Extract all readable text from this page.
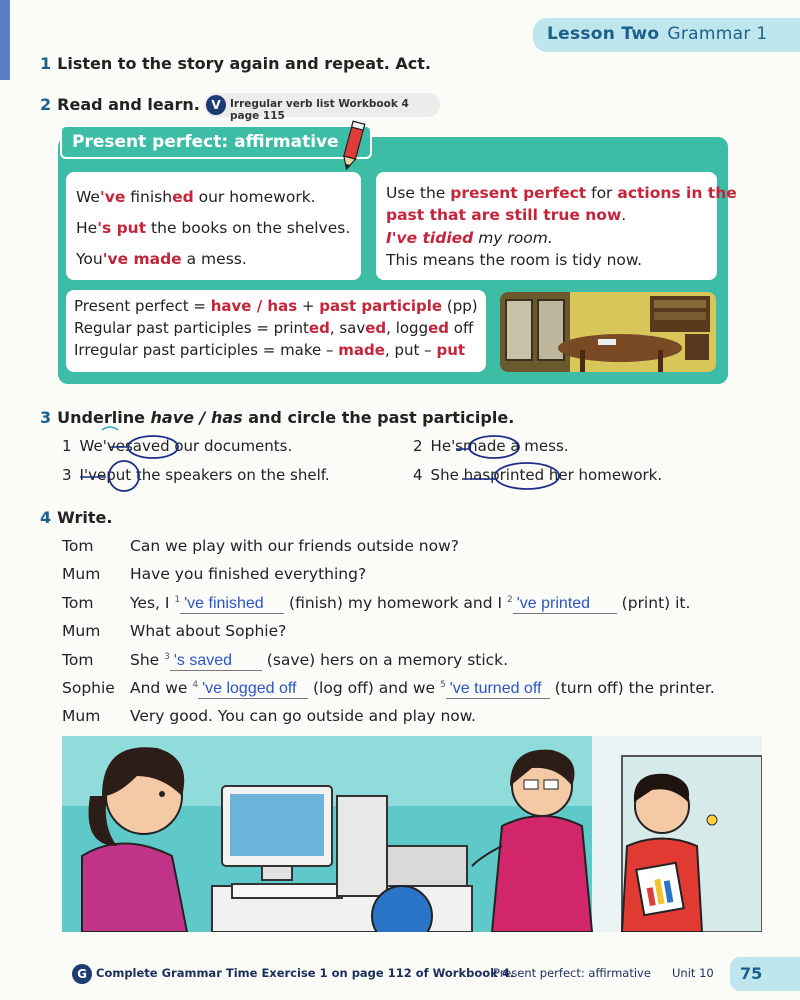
Lesson Two Grammar 1
1 Listen to the story again and repeat. Act.
2 Read and learn. V Irregular verb list Workbook 4 page 115
Present perfect: affirmative
We've finished our homework.
He's put the books on the shelves.
You've made a mess.
Use the present perfect for actions in the
past that are still true now.
I've tidied my room.
This means the room is tidy now.
Present perfect = have / has + past participle (pp)
Regular past participles = printed, saved, logged off
Irregular past participles = make – made, put – put
3 Underline have / has and circle the past participle.
1 We'vesaved our documents.	2 He'smade a mess.
3 I'veput the speakers on the shelf.	4 She hasprinted her homework.
4 Write.
Tom Can we play with our friends outside now?
Mum Have you finished everything?
Tom Yes, I $^1$ 've finished (finish) my homework and I $^2$ 've printed (print) it.
Mum What about Sophie?
Tom She $^3$ 's saved (save) hers on a memory stick.
Sophie And we $^4$ 've logged off (log off) and we $^5$ 've turned off (turn off) the printer.
Mum Very good. You can go outside and play now.
G Complete Grammar Time Exercise 1 on page 112 of Workbook 4.
Present perfect: affirmative Unit 10	75
